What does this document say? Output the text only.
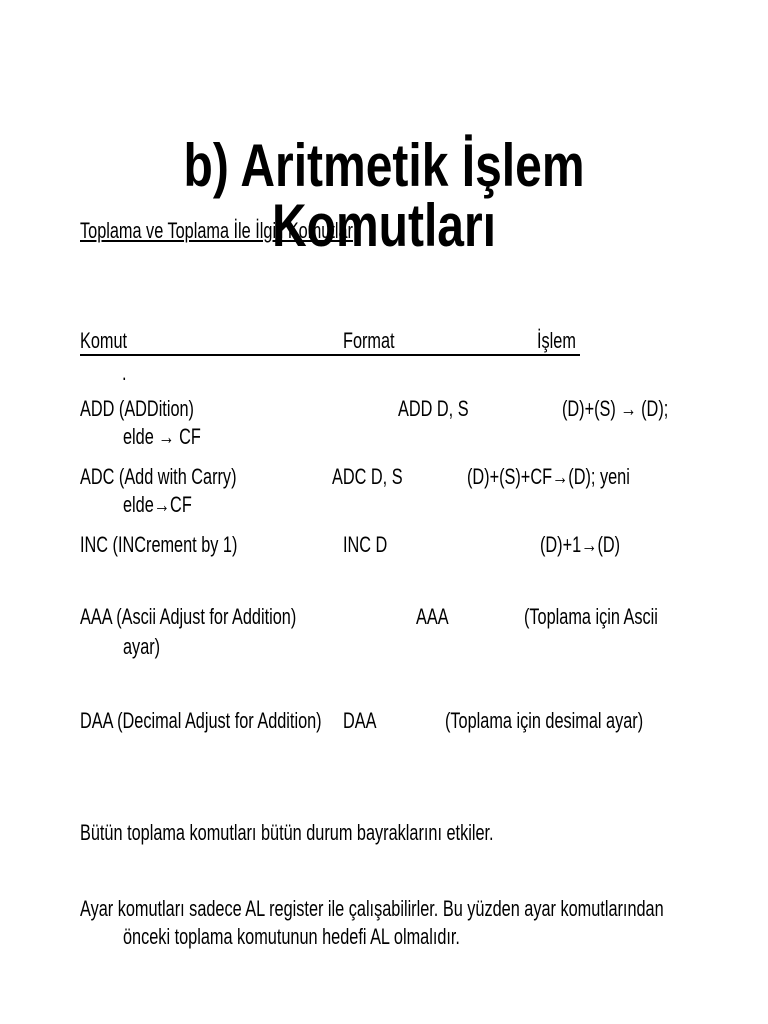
b) Aritmetik İşlem Komutları
Toplama ve Toplama İle İlgili Komutlar
Komut	Format	İşlem
.
ADD (ADDition)	ADD D, S	(D)+(S) → (D);
elde → CF
ADC (Add with Carry)	ADC D, S	(D)+(S)+CF→(D); yeni
elde→CF
INC (INCrement by 1)	INC D	(D)+1→(D)
AAA (Ascii Adjust for Addition)	AAA	(Toplama için Ascii
ayar)
DAA (Decimal Adjust for Addition) DAA	(Toplama için desimal ayar)
Bütün toplama komutları bütün durum bayraklarını etkiler.
Ayar komutları sadece AL register ile çalışabilirler. Bu yüzden ayar komutlarından
önceki toplama komutunun hedefi AL olmalıdır.
